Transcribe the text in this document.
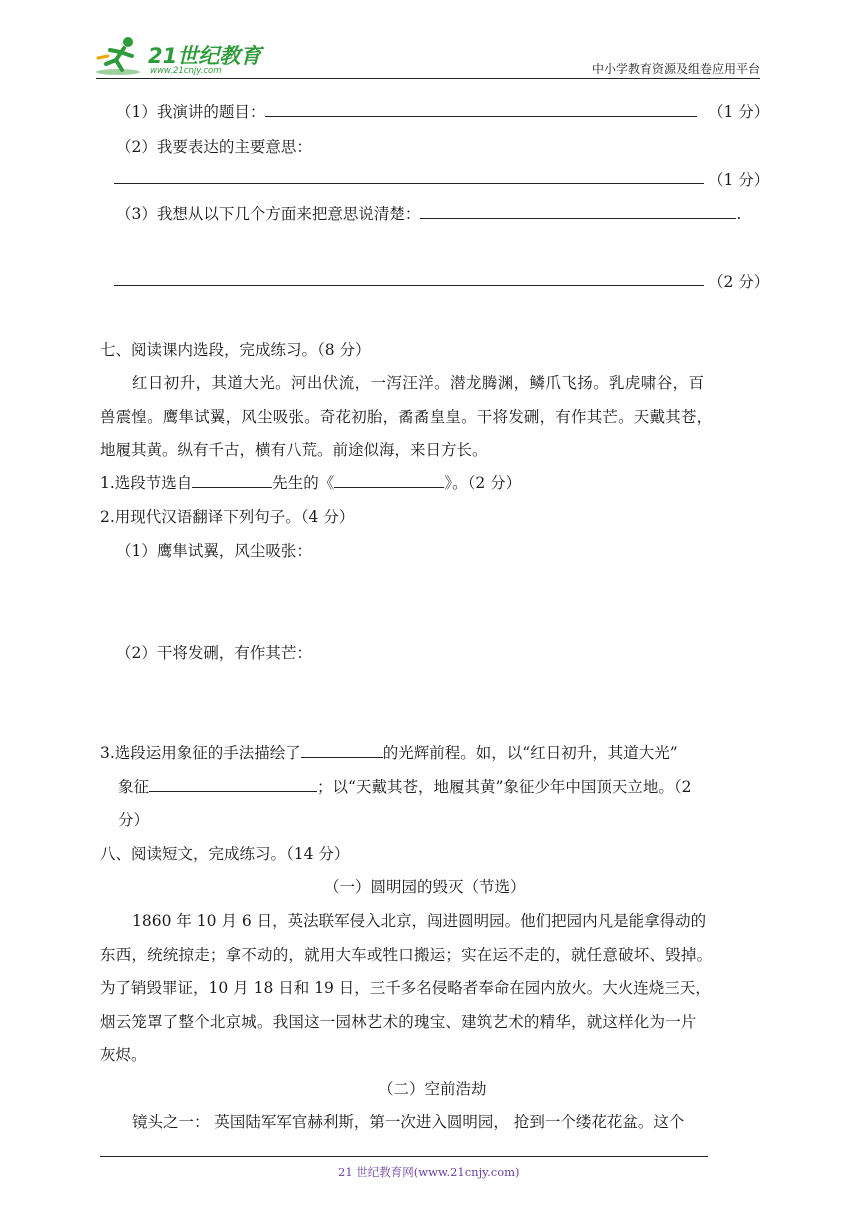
21世纪教育
www.21cnjy.com	中小学教育资源及组卷应用平台
（1）我演讲的题目：	（1 分）
（2）我要表达的主要意思：
（1 分）
（3）我想从以下几个方面来把意思说清楚：	.
（2 分）
七、阅读课内选段，完成练习。（8 分）
红日初升，其道大光。河出伏流，一泻汪洋。潜龙腾渊，鳞爪飞扬。乳虎啸谷，百
兽震惶。鹰隼试翼，风尘吸张。奇花初胎，矞矞皇皇。干将发硎，有作其芒。天戴其苍，
地履其黄。纵有千古，横有八荒。前途似海，来日方长。
1.选段节选自	先生的《	》。（2 分）
2.用现代汉语翻译下列句子。（4 分）
（1）鹰隼试翼，风尘吸张：
（2）干将发硎，有作其芒：
3.选段运用象征的手法描绘了	的光辉前程。如，以“红日初升，其道大光”
象征	；以“天戴其苍，地履其黄”象征少年中国顶天立地。（2
分）
八、阅读短文，完成练习。（14 分）
（一）圆明园的毁灭（节选）
1860 年 10 月 6 日，英法联军侵入北京，闯进圆明园。他们把园内凡是能拿得动的
东西，统统掠走；拿不动的，就用大车或牲口搬运；实在运不走的，就任意破坏、毁掉。
为了销毁罪证，10 月 18 日和 19 日，三千多名侵略者奉命在园内放火。大火连烧三天，
烟云笼罩了整个北京城。我国这一园林艺术的瑰宝、建筑艺术的精华，就这样化为一片
灰烬。
（二）空前浩劫
镜头之一： 英国陆军军官赫利斯，第一次进入圆明园， 抢到一个缕花花盆。这个
21 世纪教育网(www.21cnjy.com)
